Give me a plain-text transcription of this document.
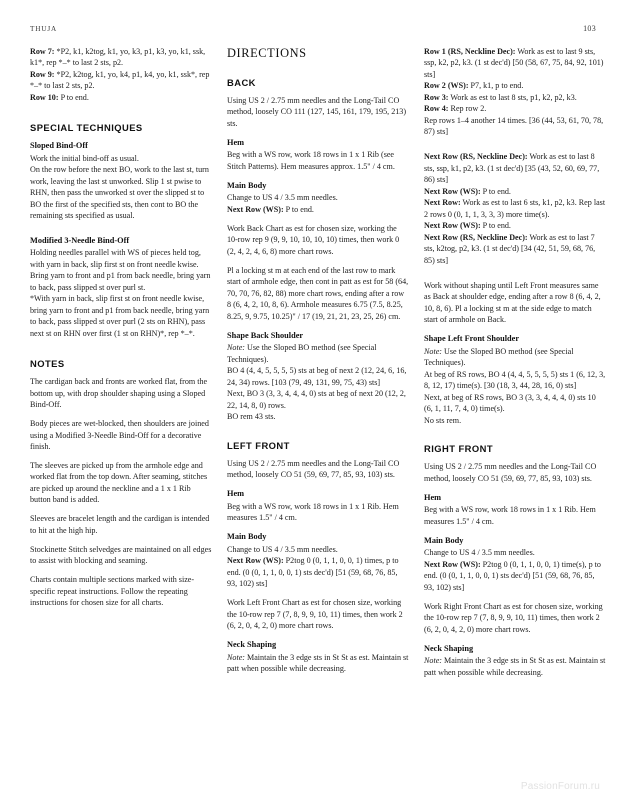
THUJA	103

Row 7: *P2, k1, k2tog, k1, yo, k3, p1, k3, yo, k1, ssk, k1*, rep *–* to last 2 sts, p2.

Row 9: *P2, k2tog, k1, yo, k4, p1, k4, yo, k1, ssk*, rep *–* to last 2 sts, p2.

Row 10: P to end.

SPECIAL TECHNIQUES
Sloped Bind-Off

Work the initial bind-off as usual.

On the row before the next BO, work to the last st, turn work, leaving the last st unworked. Slip 1 st pwise to RHN, then pass the unworked st over the slipped st to BO the first of the specified sts, then cont to BO the remaining sts specified as usual.

Modified 3-Needle Bind-Off

Holding needles parallel with WS of pieces held tog, with yarn in back, slip first st on front needle kwise. Bring yarn to front and p1 from back needle, bring yarn to back, pass slipped st over purl st.

*With yarn in back, slip first st on front needle kwise, bring yarn to front and p1 from back needle, bring yarn to back, pass slipped st over purl (2 sts on RHN), pass next st on RHN over first (1 st on RHN)*, rep *–*.

NOTES

The cardigan back and fronts are worked flat, from the bottom up, with drop shoulder shaping using a Sloped Bind-Off.

Body pieces are wet-blocked, then shoulders are joined using a Modified 3-Needle Bind-Off for a decorative finish.

The sleeves are picked up from the armhole edge and worked flat from the top down. After seaming, stitches are picked up around the neckline and a 1 x 1 Rib button band is added.

Sleeves are bracelet length and the cardigan is intended to hit at the high hip.

Stockinette Stitch selvedges are maintained on all edges to assist with blocking and seaming.

Charts contain multiple sections marked with size-specific repeat instructions. Follow the repeating instructions for chosen size for all charts.

DIRECTIONS
BACK

Using US 2 / 2.75 mm needles and the Long-Tail CO method, loosely CO 111 (127, 145, 161, 179, 195, 213) sts.

Hem

Beg with a WS row, work 18 rows in 1 x 1 Rib (see Stitch Patterns). Hem measures approx. 1.5" / 4 cm.

Main Body

Change to US 4 / 3.5 mm needles.

Next Row (WS): P to end.

Work Back Chart as est for chosen size, working the 10-row rep 9 (9, 9, 10, 10, 10, 10) times, then work 0 (2, 4, 2, 4, 6, 8) more chart rows.

Pl a locking st m at each end of the last row to mark start of armhole edge, then cont in patt as est for 58 (64, 70, 70, 76, 82, 88) more chart rows, ending after a row 8 (6, 4, 2, 10, 8, 6). Armhole measures 6.75 (7.5, 8.25, 8.25, 9, 9.75, 10.25)" / 17 (19, 21, 21, 23, 25, 26) cm.

Shape Back Shoulder

Note: Use the Sloped BO method (see Special Techniques).

BO 4 (4, 4, 5, 5, 5, 5) sts at beg of next 2 (12, 24, 6, 16, 24, 34) rows. [103 (79, 49, 131, 99, 75, 43) sts]

Next, BO 3 (3, 3, 4, 4, 4, 0) sts at beg of next 20 (12, 2, 22, 14, 8, 0) rows.

BO rem 43 sts.

LEFT FRONT

Using US 2 / 2.75 mm needles and the Long-Tail CO method, loosely CO 51 (59, 69, 77, 85, 93, 103) sts.

Hem

Beg with a WS row, work 18 rows in 1 x 1 Rib. Hem measures 1.5" / 4 cm.

Main Body

Change to US 4 / 3.5 mm needles.

Next Row (WS): P2tog 0 (0, 1, 1, 0, 0, 1) times, p to end. (0 (0, 1, 1, 0, 0, 1) sts dec'd) [51 (59, 68, 76, 85, 93, 102) sts]

Work Left Front Chart as est for chosen size, working the 10-row rep 7 (7, 8, 9, 9, 10, 11) times, then work 2 (6, 2, 0, 4, 2, 0) more chart rows.

Neck Shaping

Note: Maintain the 3 edge sts in St St as est. Maintain st patt when possible while decreasing.

Row 1 (RS, Neckline Dec): Work as est to last 9 sts, ssp, k2, p2, k3. (1 st dec'd) [50 (58, 67, 75, 84, 92, 101) sts]

Row 2 (WS): P7, k1, p to end.

Row 3: Work as est to last 8 sts, p1, k2, p2, k3.

Row 4: Rep row 2.

Rep rows 1–4 another 14 times. [36 (44, 53, 61, 70, 78, 87) sts]

Next Row (RS, Neckline Dec): Work as est to last 8 sts, ssp, k1, p2, k3. (1 st dec'd) [35 (43, 52, 60, 69, 77, 86) sts]

Next Row (WS): P to end.

Next Row: Work as est to last 6 sts, k1, p2, k3. Rep last 2 rows 0 (0, 1, 1, 3, 3, 3) more time(s).

Next Row (WS): P to end.

Next Row (RS, Neckline Dec): Work as est to last 7 sts, k2tog, p2, k3. (1 st dec'd) [34 (42, 51, 59, 68, 76, 85) sts]

Work without shaping until Left Front measures same as Back at shoulder edge, ending after a row 8 (6, 4, 2, 10, 8, 6). Pl a locking st m at the side edge to match start of armhole on Back.

Shape Left Front Shoulder

Note: Use the Sloped BO method (see Special Techniques).

At beg of RS rows, BO 4 (4, 4, 5, 5, 5, 5) sts 1 (6, 12, 3, 8, 12, 17) time(s). [30 (18, 3, 44, 28, 16, 0) sts]

Next, at beg of RS rows, BO 3 (3, 3, 4, 4, 4, 0) sts 10 (6, 1, 11, 7, 4, 0) time(s).

No sts rem.

RIGHT FRONT

Using US 2 / 2.75 mm needles and the Long-Tail CO method, loosely CO 51 (59, 69, 77, 85, 93, 103) sts.

Hem

Beg with a WS row, work 18 rows in 1 x 1 Rib. Hem measures 1.5" / 4 cm.

Main Body

Change to US 4 / 3.5 mm needles.

Next Row (WS): P2tog 0 (0, 1, 1, 0, 0, 1) time(s), p to end. (0 (0, 1, 1, 0, 0, 1) sts dec'd) [51 (59, 68, 76, 85, 93, 102) sts]

Work Right Front Chart as est for chosen size, working the 10-row rep 7 (7, 8, 9, 9, 10, 11) times, then work 2 (6, 2, 0, 4, 2, 0) more chart rows.

Neck Shaping

Note: Maintain the 3 edge sts in St St as est. Maintain st patt when possible while decreasing.

PassionForum.ru
